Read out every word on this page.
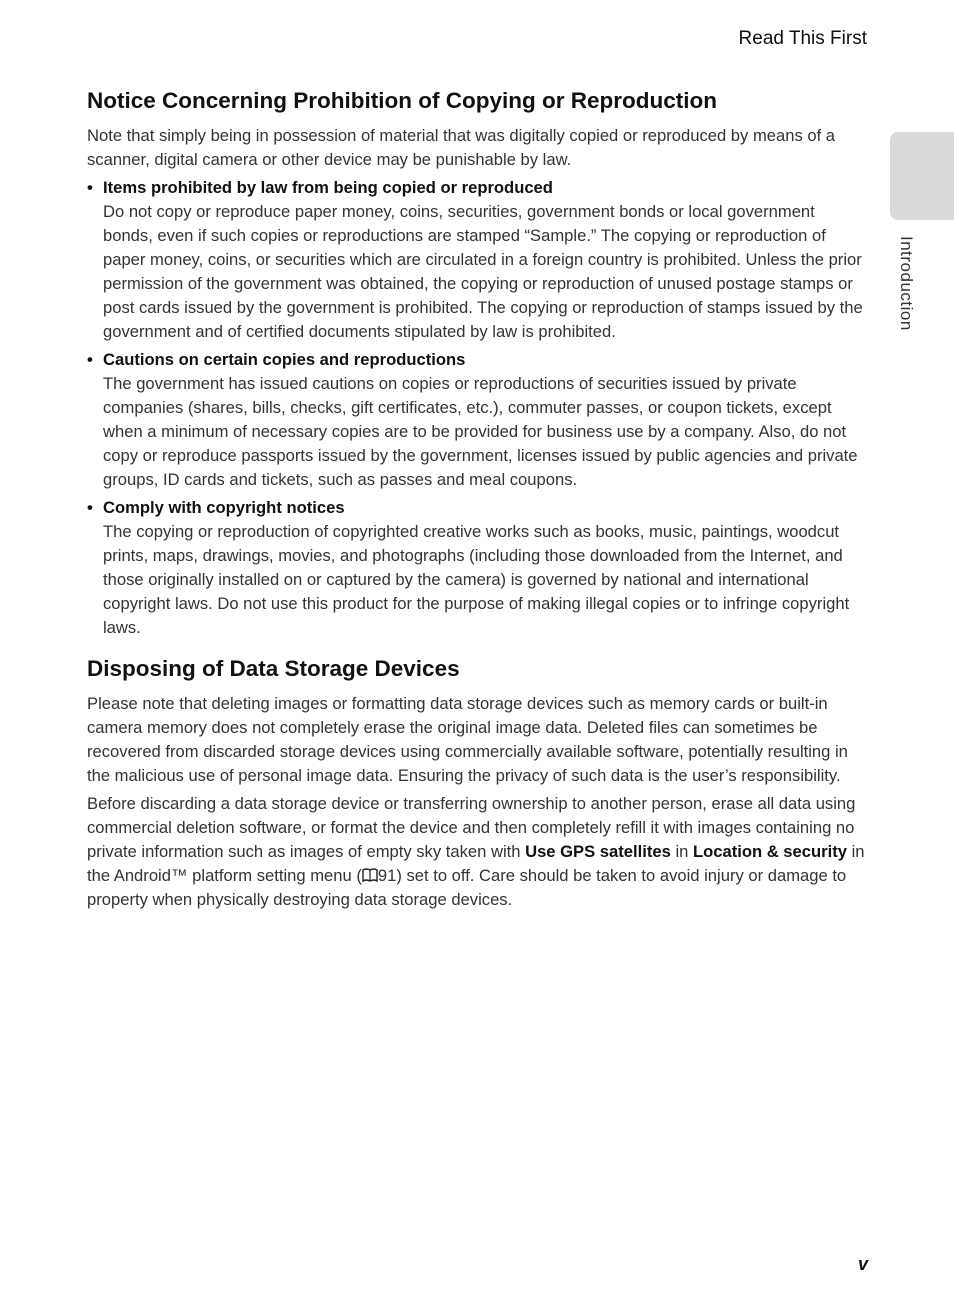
Read This First
Introduction
Notice Concerning Prohibition of Copying or Reproduction

Note that simply being in possession of material that was digitally copied or reproduced by means of a scanner, digital camera or other device may be punishable by law.

• Items prohibited by law from being copied or reproduced
Do not copy or reproduce paper money, coins, securities, government bonds or local government bonds, even if such copies or reproductions are stamped “Sample.” The copying or reproduction of paper money, coins, or securities which are circulated in a foreign country is prohibited. Unless the prior permission of the government was obtained, the copying or reproduction of unused postage stamps or post cards issued by the government is prohibited. The copying or reproduction of stamps issued by the government and of certified documents stipulated by law is prohibited.
• Cautions on certain copies and reproductions
The government has issued cautions on copies or reproductions of securities issued by private companies (shares, bills, checks, gift certificates, etc.), commuter passes, or coupon tickets, except when a minimum of necessary copies are to be provided for business use by a company. Also, do not copy or reproduce passports issued by the government, licenses issued by public agencies and private groups, ID cards and tickets, such as passes and meal coupons.
• Comply with copyright notices
The copying or reproduction of copyrighted creative works such as books, music, paintings, woodcut prints, maps, drawings, movies, and photographs (including those downloaded from the Internet, and those originally installed on or captured by the camera) is governed by national and international copyright laws. Do not use this product for the purpose of making illegal copies or to infringe copyright laws.
Disposing of Data Storage Devices

Please note that deleting images or formatting data storage devices such as memory cards or built-in camera memory does not completely erase the original image data. Deleted files can sometimes be recovered from discarded storage devices using commercially available software, potentially resulting in the malicious use of personal image data. Ensuring the privacy of such data is the user’s responsibility.

Before discarding a data storage device or transferring ownership to another person, erase all data using commercial deletion software, or format the device and then completely refill it with images containing no private information such as images of empty sky taken with Use GPS satellites in Location & security in the Android™ platform setting menu ( 91) set to off. Care should be taken to avoid injury or damage to property when physically destroying data storage devices.

v
